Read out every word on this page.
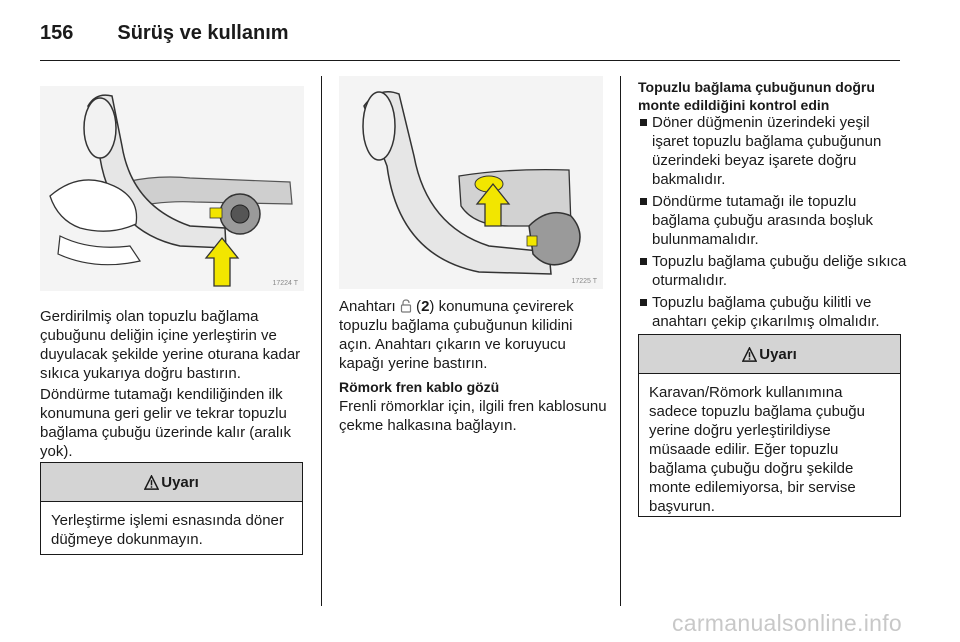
156 Sürüş ve kullanım
17224 T	17225 T

Gerdirilmiş olan topuzlu bağlama çubuğunu deliğin içine yerleştirin ve duyulacak şekilde yerine oturana kadar sıkıca yukarıya doğru bastırın.

Döndürme tutamağı kendiliğinden ilk konumuna geri gelir ve tekrar topuzlu bağlama çubuğu üzerinde kalır (aralık yok).

Uyarı
Yerleştirme işlemi esnasında döner düğmeye dokunmayın.

Anahtarı  (2) konumuna çevirerek topuzlu bağlama çubuğunun kilidini açın. Anahtarı çıkarın ve koruyucu kapağı yerine bastırın.

Römork fren kablo gözü

Frenli römorklar için, ilgili fren kablosunu çekme halkasına bağlayın.

Topuzlu bağlama çubuğunun doğru monte edildiğini kontrol edin

Döner düğmenin üzerindeki yeşil işaret topuzlu bağlama çubuğunun üzerindeki beyaz işarete doğru bakmalıdır.
Döndürme tutamağı ile topuzlu bağlama çubuğu arasında boşluk bulunmamalıdır.
Topuzlu bağlama çubuğu deliğe sıkıca oturmalıdır.
Topuzlu bağlama çubuğu kilitli ve anahtarı çekip çıkarılmış olmalıdır.
Uyarı
Karavan/Römork kullanımına sadece topuzlu bağlama çubuğu yerine doğru yerleştirildiyse müsaade edilir. Eğer topuzlu bağlama çubuğu doğru şekilde monte edilemiyorsa, bir servise başvurun.
carmanualsonline.info
